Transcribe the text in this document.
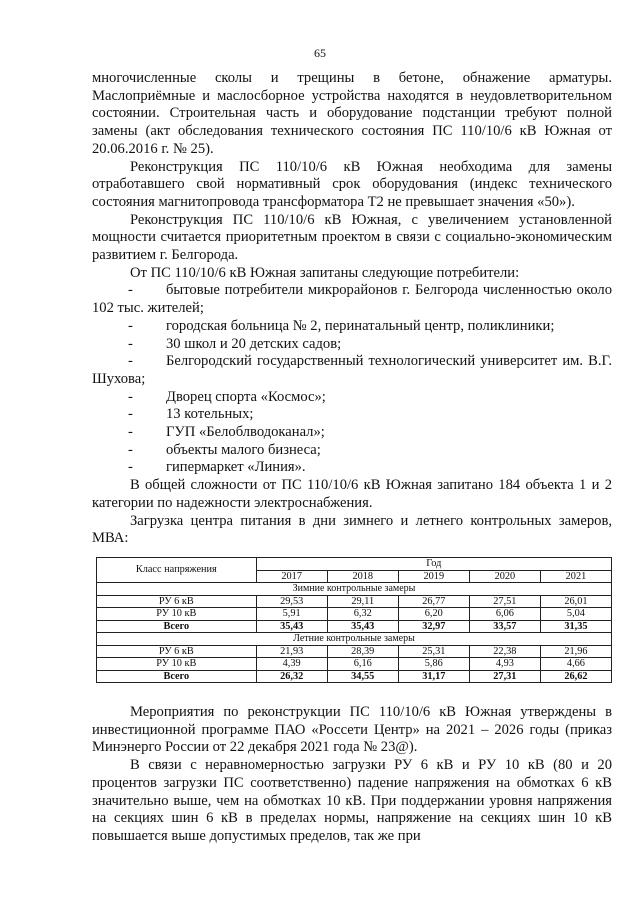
65

многочисленные сколы и трещины в бетоне, обнажение арматуры. Маслоприёмные и маслосборное устройства находятся в неудовлетворительном состоянии. Строительная часть и оборудование подстанции требуют полной замены (акт обследования технического состояния ПС 110/10/6 кВ Южная от 20.06.2016 г. № 25).

Реконструкция ПС 110/10/6 кВ Южная необходима для замены отработавшего свой нормативный срок оборудования (индекс технического состояния магнитопровода трансформатора Т2 не превышает значения «50»).

Реконструкция ПС 110/10/6 кВ Южная, с увеличением установленной мощности считается приоритетным проектом в связи с социально-экономическим развитием г. Белгорода.

От ПС 110/10/6 кВ Южная запитаны следующие потребители:

- бытовые потребители микрорайонов г. Белгорода численностью около 102 тыс. жителей;

- городская больница № 2, перинатальный центр, поликлиники;

- 30 школ и 20 детских садов;

- Белгородский государственный технологический университет им. В.Г. Шухова;

- Дворец спорта «Космос»;

- 13 котельных;

- ГУП «Белоблводоканал»;

- объекты малого бизнеса;

- гипермаркет «Линия».

В общей сложности от ПС 110/10/6 кВ Южная запитано 184 объекта 1 и 2 категории по надежности электроснабжения.

Загрузка центра питания в дни зимнего и летнего контрольных замеров, МВА:

Класс напряжения	Год				
	2017	2018	2019	2020	2021
Зимние контрольные замеры					
РУ 6 кВ	29,53	29,11	26,77	27,51	26,01
РУ 10 кВ	5,91	6,32	6,20	6,06	5,04
Всего	35,43	35,43	32,97	33,57	31,35
Летние контрольные замеры					
РУ 6 кВ	21,93	28,39	25,31	22,38	21,96
РУ 10 кВ	4,39	6,16	5,86	4,93	4,66
Всего	26,32	34,55	31,17	27,31	26,62

Мероприятия по реконструкции ПС 110/10/6 кВ Южная утверждены в инвестиционной программе ПАО «Россети Центр» на 2021 – 2026 годы (приказ Минэнерго России от 22 декабря 2021 года № 23@).

В связи с неравномерностью загрузки РУ 6 кВ и РУ 10 кВ (80 и 20 процентов загрузки ПС соответственно) падение напряжения на обмотках 6 кВ значительно выше, чем на обмотках 10 кВ. При поддержании уровня напряжения на секциях шин 6 кВ в пределах нормы, напряжение на секциях шин 10 кВ повышается выше допустимых пределов, так же при
